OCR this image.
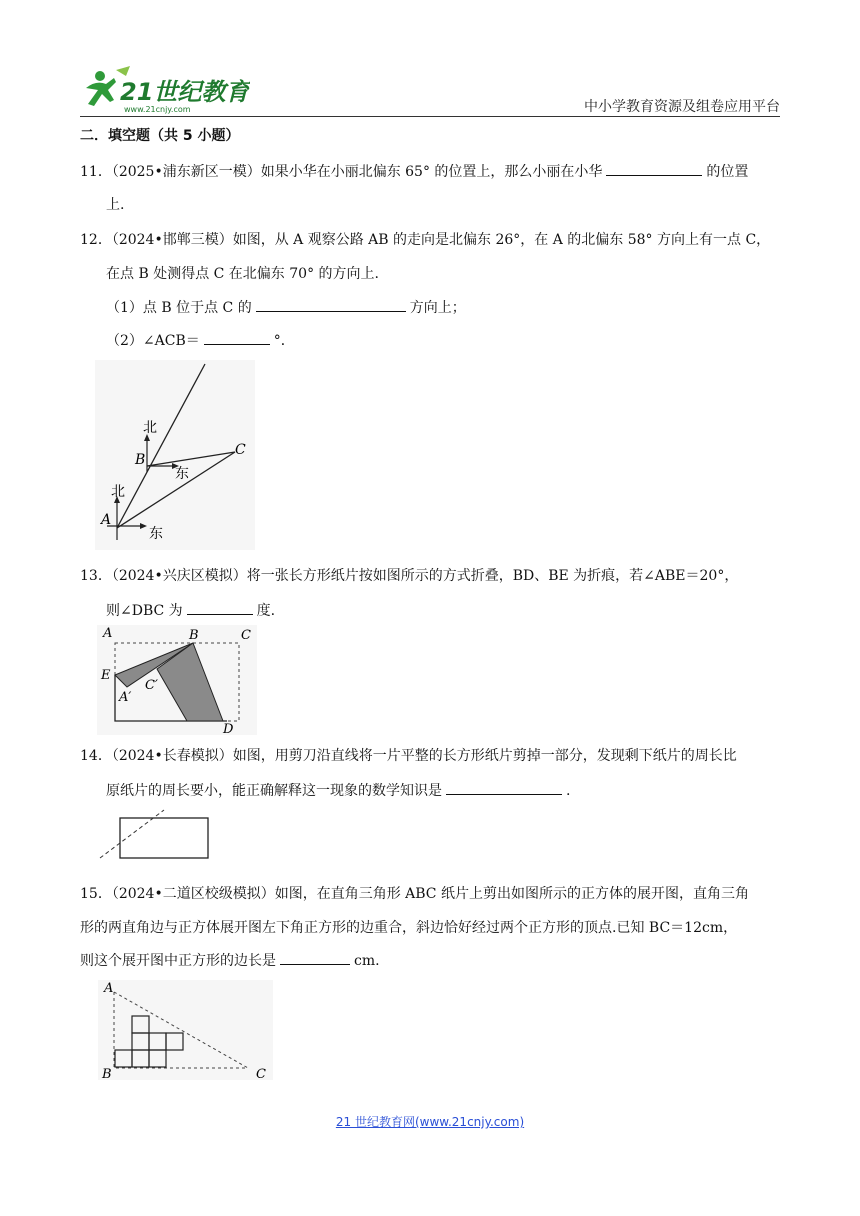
21世纪教育
www.21cnjy.com	中小学教育资源及组卷应用平台
二．填空题（共 5 小题）
11．（2025•浦东新区一模）如果小华在小丽北偏东 65° 的位置上，那么小丽在小华	的位置
上.
12．（2024•邯郸三模）如图，从 A 观察公路 AB 的走向是北偏东 26°，在 A 的北偏东 58° 方向上有一点 C，
在点 B 处测得点 C 在北偏东 70° 的方向上.
（1）点 B 位于点 C 的	方向上；
（2）∠ACB＝	°．
北
东
北
东
A
B
C
13．（2024•兴庆区模拟）将一张长方形纸片按如图所示的方式折叠，BD、BE 为折痕，若∠ABE＝20°，
则∠DBC 为	度.
A	B	C
E
A′
C′
D
14．（2024•长春模拟）如图，用剪刀沿直线将一片平整的长方形纸片剪掉一部分，发现剩下纸片的周长比
原纸片的周长要小，能正确解释这一现象的数学知识是	.
15．（2024•二道区校级模拟）如图，在直角三角形 ABC 纸片上剪出如图所示的正方体的展开图，直角三角
形的两直角边与正方体展开图左下角正方形的边重合，斜边恰好经过两个正方形的顶点.已知 BC＝12cm，
则这个展开图中正方形的边长是	cm.
A
B	C
21 世纪教育网(www.21cnjy.com)
